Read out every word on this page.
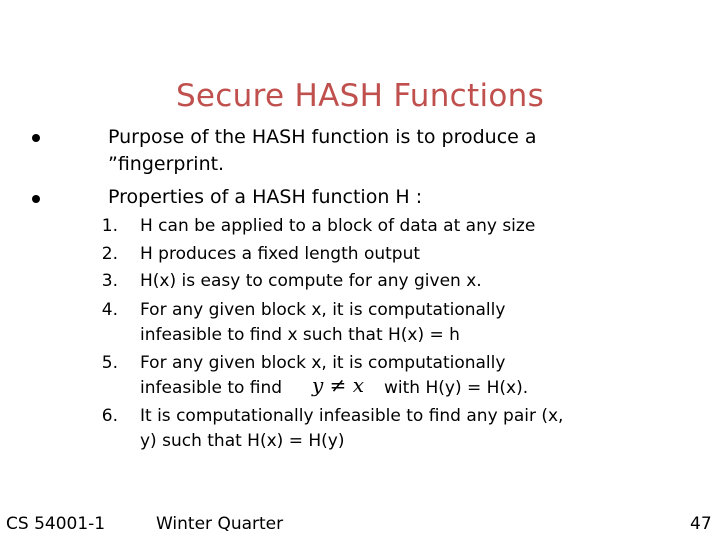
Secure HASH Functions
Purpose of the HASH function is to produce a
”fingerprint.
Properties of a HASH function H :
1. H can be applied to a block of data at any size
2. H produces a fixed length output
3. H(x) is easy to compute for any given x.
4. For any given block x, it is computationally
infeasible to find x such that H(x) = h
5. For any given block x, it is computationally
infeasible to find y ≠ x with H(y) = H(x).
6. It is computationally infeasible to find any pair (x,
y) such that H(x) = H(y)
CS 54001-1	Winter Quarter	47
